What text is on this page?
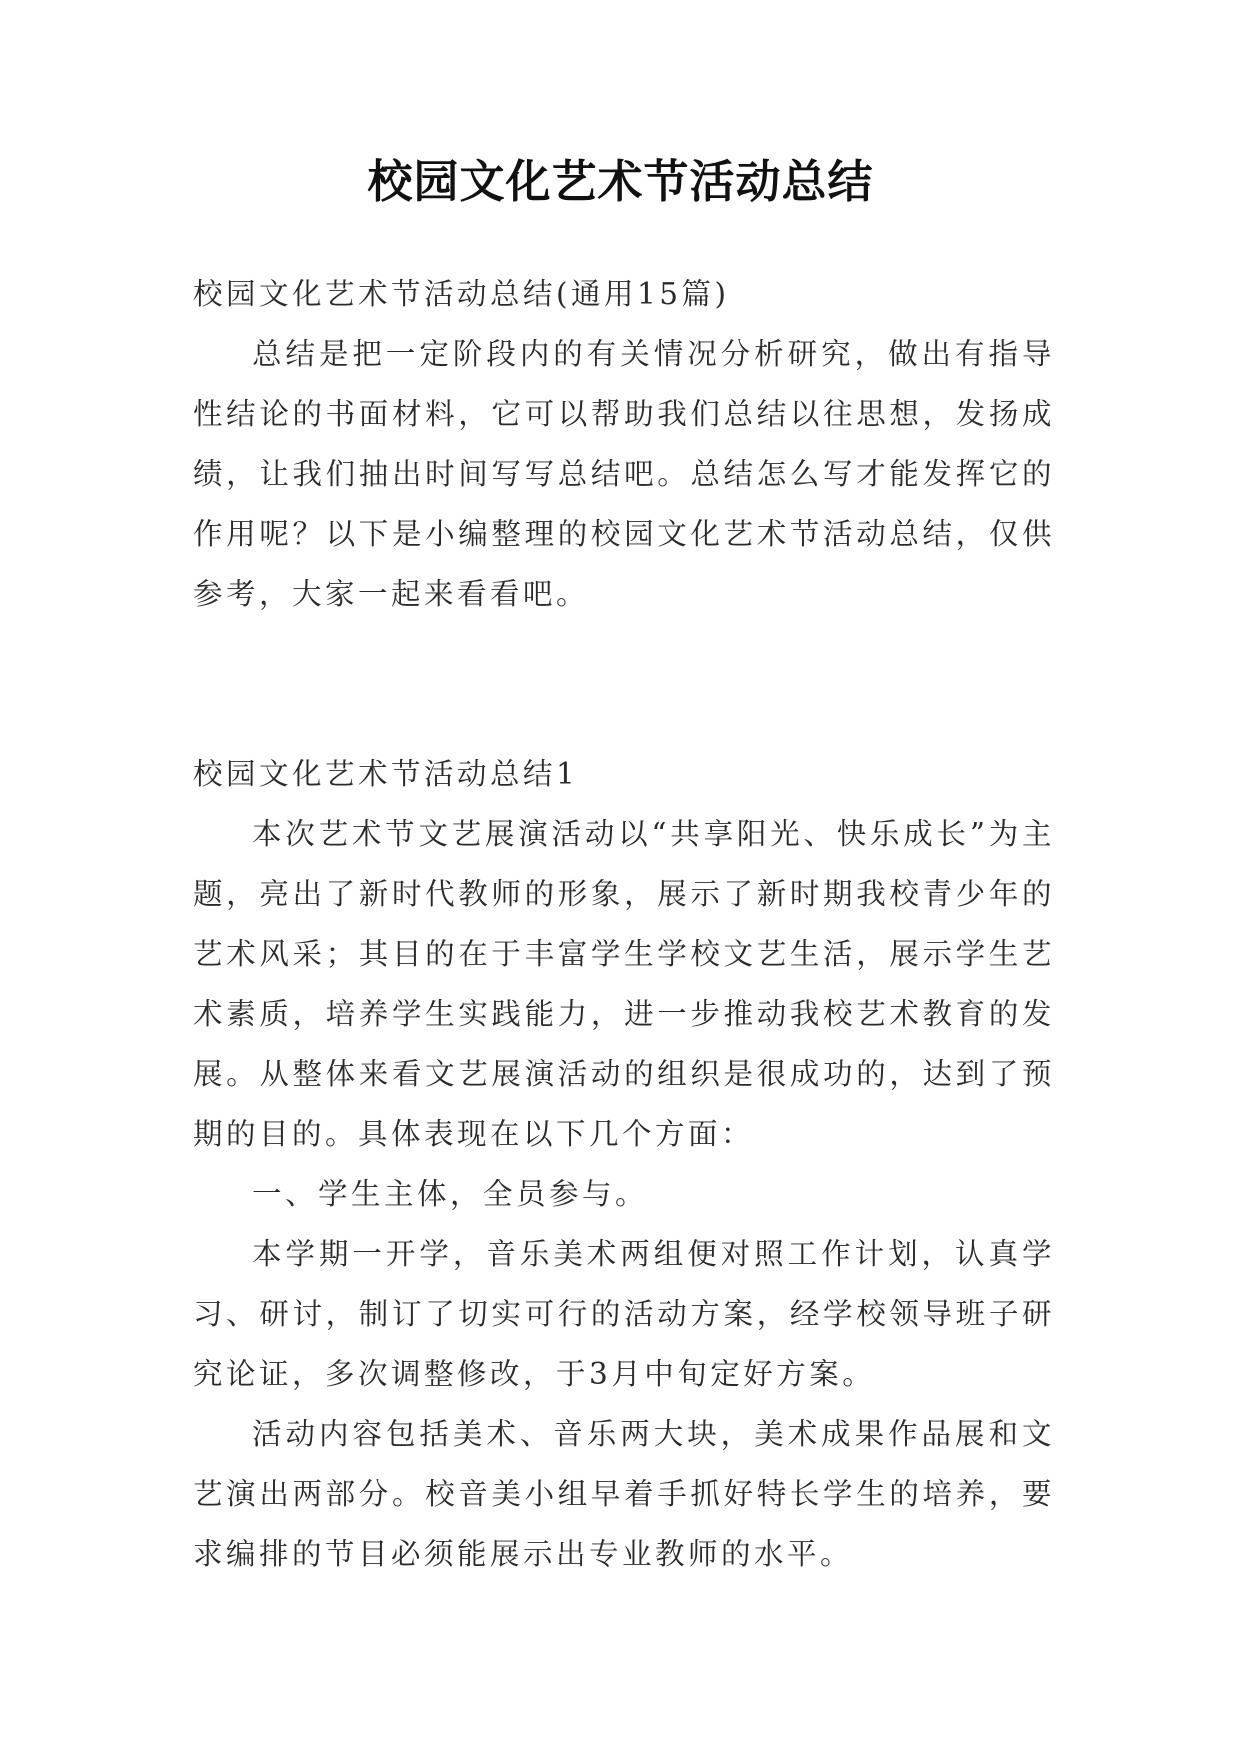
校园文化艺术节活动总结

校园文化艺术节活动总结(通用15篇)

总结是把一定阶段内的有关情况分析研究，做出有指导性结论的书面材料，它可以帮助我们总结以往思想，发扬成绩，让我们抽出时间写写总结吧。总结怎么写才能发挥它的作用呢？以下是小编整理的校园文化艺术节活动总结，仅供参考，大家一起来看看吧。

校园文化艺术节活动总结1

本次艺术节文艺展演活动以“共享阳光、快乐成长”为主题，亮出了新时代教师的形象，展示了新时期我校青少年的艺术风采；其目的在于丰富学生学校文艺生活，展示学生艺术素质，培养学生实践能力，进一步推动我校艺术教育的发展。从整体来看文艺展演活动的组织是很成功的，达到了预期的目的。具体表现在以下几个方面：

一、学生主体，全员参与。

本学期一开学，音乐美术两组便对照工作计划，认真学习、研讨，制订了切实可行的活动方案，经学校领导班子研究论证，多次调整修改，于3月中旬定好方案。

活动内容包括美术、音乐两大块，美术成果作品展和文艺演出两部分。校音美小组早着手抓好特长学生的培养，要求编排的节目必须能展示出专业教师的水平。
